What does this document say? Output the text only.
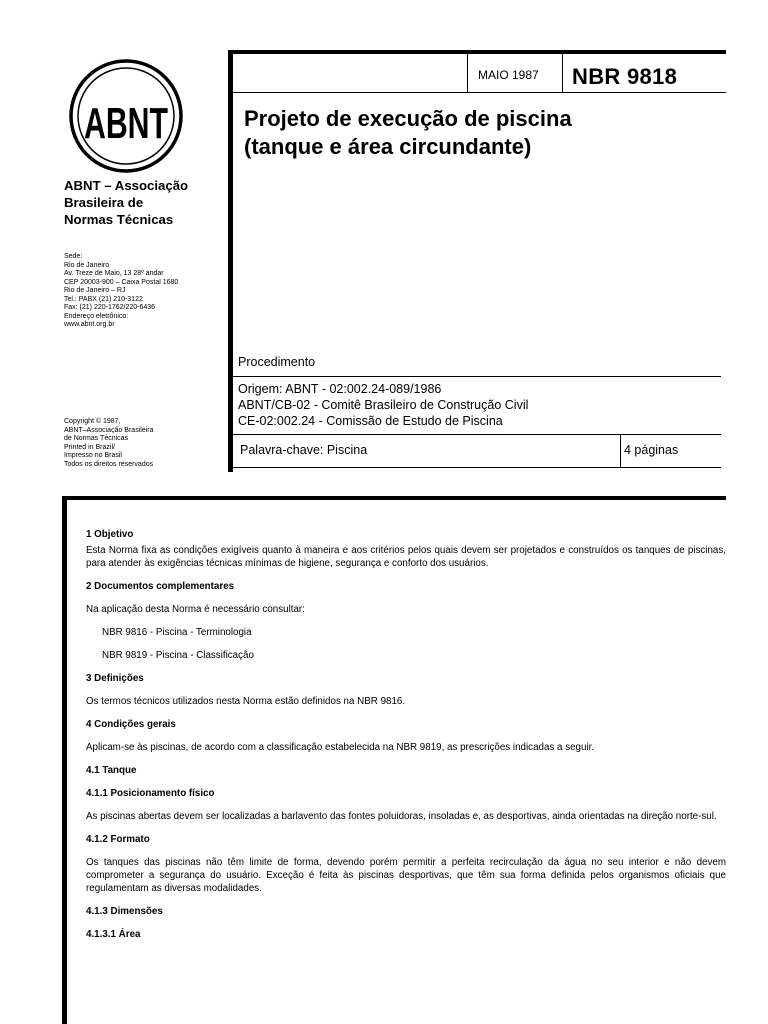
ABNT
ABNT – Associação
Brasileira de
Normas Técnicas
Sede:
Rio de Janeiro
Av. Treze de Maio, 13 28º andar
CEP 20003-900 – Caixa Postal 1680
Rio de Janeiro – RJ
Tel.: PABX (21) 210-3122
Fax: (21) 220-1762/220-6436
Endereço eletrônico:
www.abnt.org.br
Copyright © 1987,
ABNT–Associação Brasileira
de Normas Técnicas
Printed in Brazil/
Impresso no Brasil
Todos os direitos reservados
MAIO 1987 NBR 9818
Projeto de execução de piscina
(tanque e área circundante)
Procedimento
Origem: ABNT - 02:002.24-089/1986
ABNT/CB-02 - Comitê Brasileiro de Construção Civil
CE-02:002.24 - Comissão de Estudo de Piscina
Palavra-chave: Piscina	4 páginas
1 Objetivo
Esta Norma fixa as condições exigíveis quanto à maneira e aos critérios pelos quais devem ser projetados e construídos os tanques de piscinas, para atender às exigências técnicas mínimas de higiene, segurança e conforto dos usuários.
2 Documentos complementares
Na aplicação desta Norma é necessário consultar:
NBR 9816 - Piscina - Terminologia
NBR 9819 - Piscina - Classificação
3 Definições
Os termos técnicos utilizados nesta Norma estão definidos na NBR 9816.
4 Condições gerais
Aplicam-se às piscinas, de acordo com a classificação estabelecida na NBR 9819, as prescrições indicadas a seguir.
4.1 Tanque
4.1.1 Posicionamento físico
As piscinas abertas devem ser localizadas a barlavento das fontes poluidoras, insoladas e, as desportivas, ainda orientadas na direção norte-sul.
4.1.2 Formato
Os tanques das piscinas não têm limite de forma, devendo porém permitir a perfeita recirculação da água no seu interior e não devem comprometer a segurança do usuário. Exceção é feita às piscinas desportivas, que têm sua forma definida pelos organismos oficiais que regulamentam as diversas modalidades.
4.1.3 Dimensões
4.1.3.1 Área
